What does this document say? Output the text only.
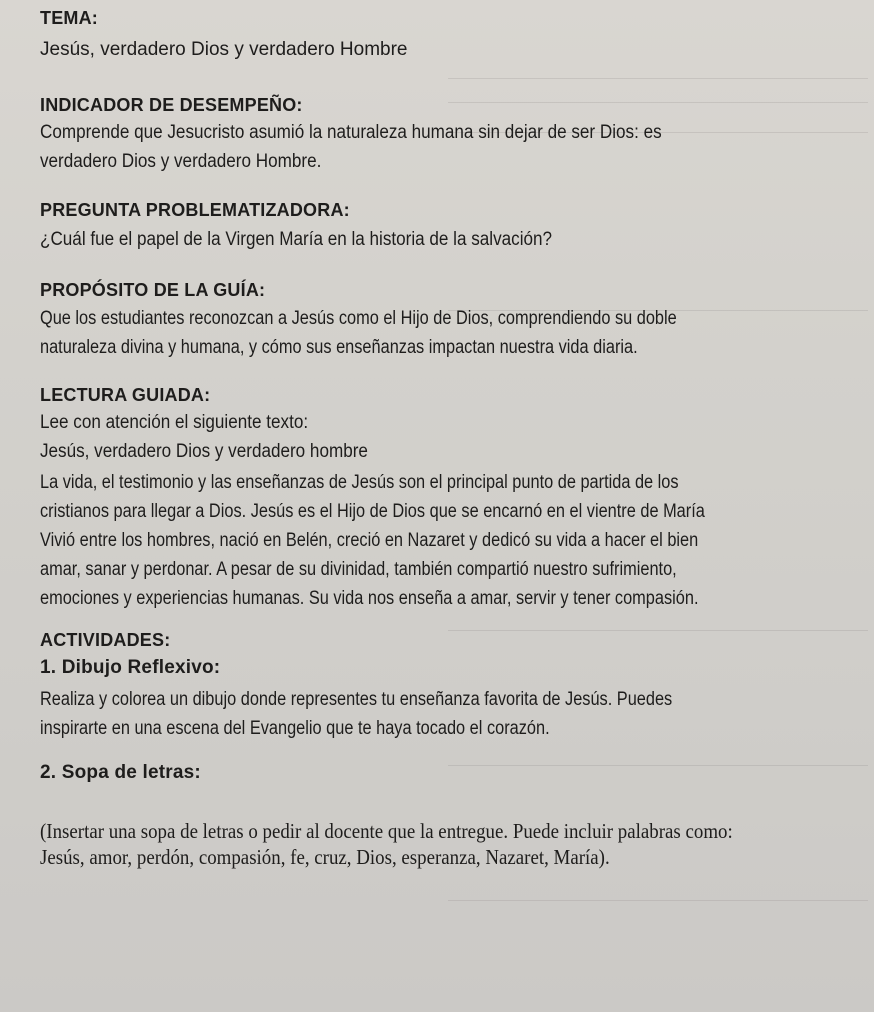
TEMA:
Jesús, verdadero Dios y verdadero Hombre
INDICADOR DE DESEMPEÑO:
Comprende que Jesucristo asumió la naturaleza humana sin dejar de ser Dios: es
verdadero Dios y verdadero Hombre.
PREGUNTA PROBLEMATIZADORA:
¿Cuál fue el papel de la Virgen María en la historia de la salvación?
PROPÓSITO DE LA GUÍA:
Que los estudiantes reconozcan a Jesús como el Hijo de Dios, comprendiendo su doble
naturaleza divina y humana, y cómo sus enseñanzas impactan nuestra vida diaria.
LECTURA GUIADA:
Lee con atención el siguiente texto:
Jesús, verdadero Dios y verdadero hombre
La vida, el testimonio y las enseñanzas de Jesús son el principal punto de partida de los
cristianos para llegar a Dios. Jesús es el Hijo de Dios que se encarnó en el vientre de María
Vivió entre los hombres, nació en Belén, creció en Nazaret y dedicó su vida a hacer el bien
amar, sanar y perdonar. A pesar de su divinidad, también compartió nuestro sufrimiento,
emociones y experiencias humanas. Su vida nos enseña a amar, servir y tener compasión.
ACTIVIDADES:
1. Dibujo Reflexivo:
Realiza y colorea un dibujo donde representes tu enseñanza favorita de Jesús. Puedes
inspirarte en una escena del Evangelio que te haya tocado el corazón.
2. Sopa de letras:
(Insertar una sopa de letras o pedir al docente que la entregue. Puede incluir palabras como:
Jesús, amor, perdón, compasión, fe, cruz, Dios, esperanza, Nazaret, María).
